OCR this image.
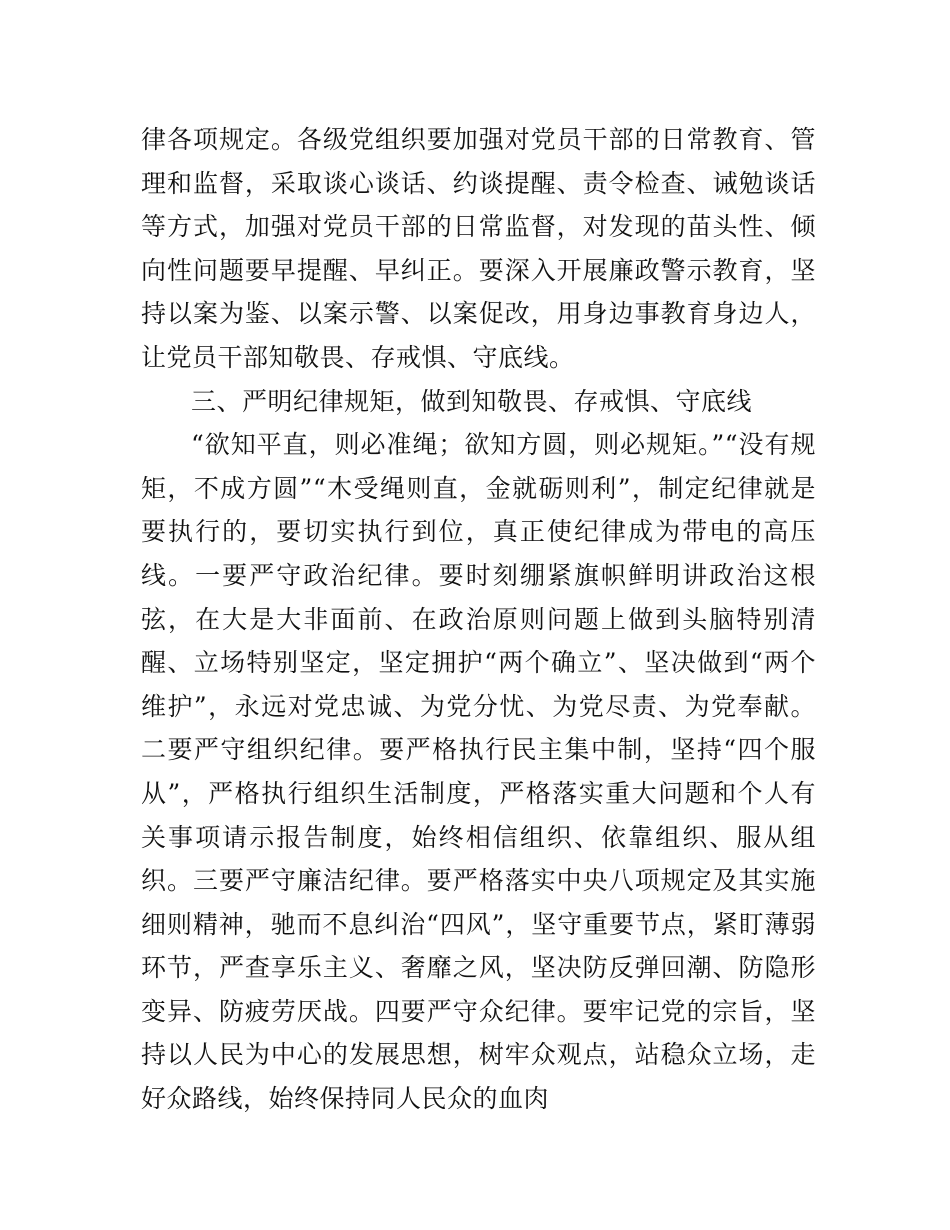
律各项规定。各级党组织要加强对党员干部的日常教育、管理和监督，采取谈心谈话、约谈提醒、责令检查、诫勉谈话等方式，加强对党员干部的日常监督，对发现的苗头性、倾向性问题要早提醒、早纠正。要深入开展廉政警示教育，坚持以案为鉴、以案示警、以案促改，用身边事教育身边人，让党员干部知敬畏、存戒惧、守底线。

三、严明纪律规矩，做到知敬畏、存戒惧、守底线

“欲知平直，则必准绳；欲知方圆，则必规矩。”“没有规矩，不成方圆”“木受绳则直，金就砺则利”，制定纪律就是要执行的，要切实执行到位，真正使纪律成为带电的高压线。一要严守政治纪律。要时刻绷紧旗帜鲜明讲政治这根弦，在大是大非面前、在政治原则问题上做到头脑特别清醒、立场特别坚定，坚定拥护“两个确立”、坚决做到“两个维护”，永远对党忠诚、为党分忧、为党尽责、为党奉献。二要严守组织纪律。要严格执行民主集中制，坚持“四个服从”，严格执行组织生活制度，严格落实重大问题和个人有关事项请示报告制度，始终相信组织、依靠组织、服从组织。三要严守廉洁纪律。要严格落实中央八项规定及其实施细则精神，驰而不息纠治“四风”，坚守重要节点，紧盯薄弱环节，严查享乐主义、奢靡之风，坚决防反弹回潮、防隐形变异、防疲劳厌战。四要严守众纪律。要牢记党的宗旨，坚持以人民为中心的发展思想，树牢众观点，站稳众立场，走好众路线，始终保持同人民众的血肉
